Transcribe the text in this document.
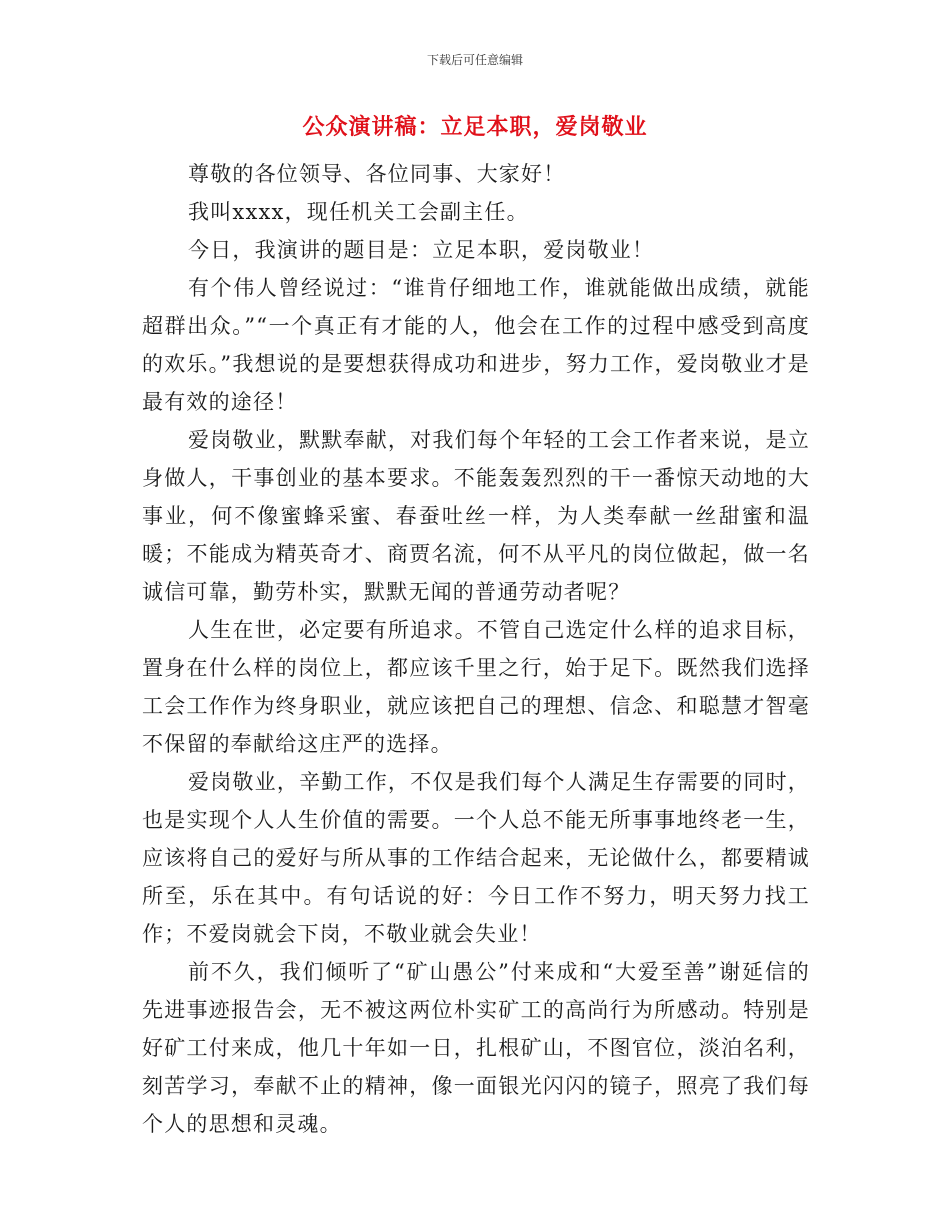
下载后可任意编辑
公众演讲稿：立足本职，爱岗敬业

尊敬的各位领导、各位同事、大家好！

我叫xxxx，现任机关工会副主任。

今日，我演讲的题目是：立足本职，爱岗敬业！

有个伟人曾经说过：“谁肯仔细地工作，谁就能做出成绩，就能超群出众。”“一个真正有才能的人，他会在工作的过程中感受到高度的欢乐。”我想说的是要想获得成功和进步，努力工作，爱岗敬业才是最有效的途径！

爱岗敬业，默默奉献，对我们每个年轻的工会工作者来说，是立身做人，干事创业的基本要求。不能轰轰烈烈的干一番惊天动地的大事业，何不像蜜蜂采蜜、春蚕吐丝一样，为人类奉献一丝甜蜜和温暖；不能成为精英奇才、商贾名流，何不从平凡的岗位做起，做一名诚信可靠，勤劳朴实，默默无闻的普通劳动者呢？

人生在世，必定要有所追求。不管自己选定什么样的追求目标，置身在什么样的岗位上，都应该千里之行，始于足下。既然我们选择工会工作作为终身职业，就应该把自己的理想、信念、和聪慧才智毫不保留的奉献给这庄严的选择。

爱岗敬业，辛勤工作，不仅是我们每个人满足生存需要的同时，也是实现个人人生价值的需要。一个人总不能无所事事地终老一生，应该将自己的爱好与所从事的工作结合起来，无论做什么，都要精诚所至，乐在其中。有句话说的好：今日工作不努力，明天努力找工作；不爱岗就会下岗，不敬业就会失业！

前不久，我们倾听了“矿山愚公”付来成和“大爱至善”谢延信的先进事迹报告会，无不被这两位朴实矿工的高尚行为所感动。特别是好矿工付来成，他几十年如一日，扎根矿山，不图官位，淡泊名利，刻苦学习，奉献不止的精神，像一面银光闪闪的镜子，照亮了我们每个人的思想和灵魂。
